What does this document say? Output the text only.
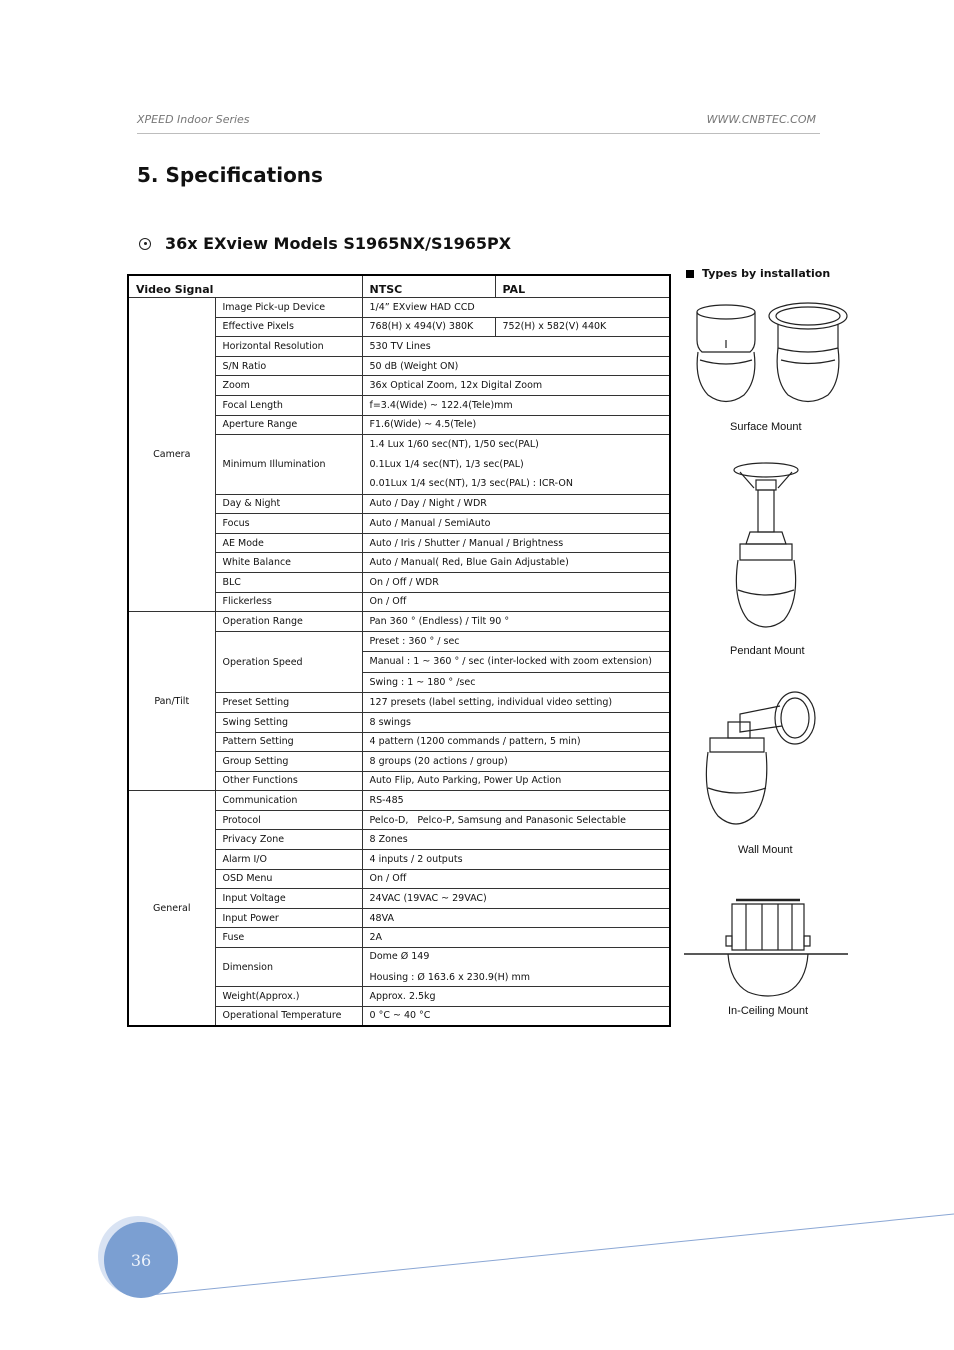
XPEED Indoor Series	WWW.CNBTEC.COM
5. Specifications
36x EXview Models S1965NX/S1965PX
Video Signal		NTSC	PAL
Camera	Image Pick-up Device	1/4” EXview HAD CCD	
	Effective Pixels	768(H) x 494(V) 380K	752(H) x 582(V) 440K
	Horizontal Resolution	530 TV Lines	
	S/N Ratio	50 dB (Weight ON)	
	Zoom	36x Optical Zoom, 12x Digital Zoom	
	Focal Length	f=3.4(Wide) ~ 122.4(Tele)mm	
	Aperture Range	F1.6(Wide) ~ 4.5(Tele)	
	Minimum Illumination	1.4 Lux 1/60 sec(NT), 1/50 sec(PAL)
0.1Lux 1/4 sec(NT), 1/3 sec(PAL)
0.01Lux 1/4 sec(NT), 1/3 sec(PAL) : ICR-ON	

	Day & Night	Auto / Day / Night / WDR	
	Focus	Auto / Manual / SemiAuto	
	AE Mode	Auto / Iris / Shutter / Manual / Brightness	
	White Balance	Auto / Manual( Red, Blue Gain Adjustable)	
	BLC	On / Off / WDR	
	Flickerless	On / Off	
Pan/Tilt	Operation Range	Pan 360 ° (Endless) / Tilt 90 °	
	Operation Speed	Preset : 360 ° / sec
Manual : 1 ~ 360 ° / sec (inter-locked with zoom extension)
Swing : 1 ~ 180 ° /sec	

	Preset Setting	127 presets (label setting, individual video setting)	
	Swing Setting	8 swings	
	Pattern Setting	4 pattern (1200 commands / pattern, 5 min)	
	Group Setting	8 groups (20 actions / group)	
	Other Functions	Auto Flip, Auto Parking, Power Up Action	
General	Communication	RS-485	
	Protocol	Pelco-D,   Pelco-P, Samsung and Panasonic Selectable	
	Privacy Zone	8 Zones	
	Alarm I/O	4 inputs / 2 outputs	
	OSD Menu	On / Off	
	Input Voltage	24VAC (19VAC ~ 29VAC)	
	Input Power	48VA	
	Fuse	2A	
	Dimension	Dome Ø 149
Housing : Ø 163.6 x 230.9(H) mm	

	Weight(Approx.)	Approx. 2.5kg	
	Operational Temperature	0 °C ~ 40 °C	
Types by installation
Surface Mount
Pendant Mount
Wall Mount
In-Ceiling Mount
36
